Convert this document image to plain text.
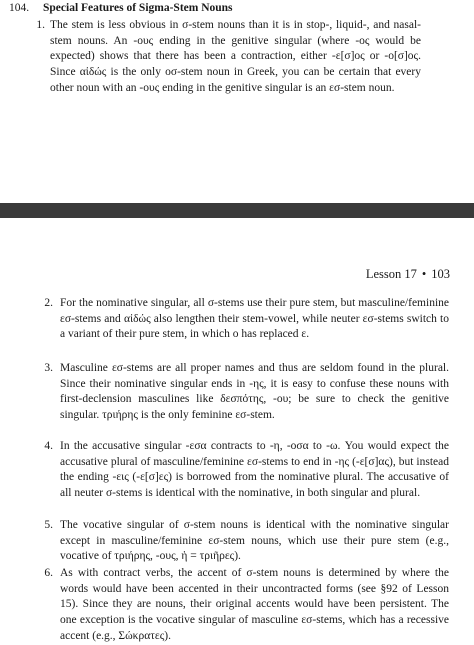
104. Special Features of Sigma-Stem Nouns
1. The stem is less obvious in σ-stem nouns than it is in stop-, liquid-, and nasal-stem nouns. An -ους ending in the genitive singular (where -ος would be expected) shows that there has been a contraction, either -ε[σ]ος or -ο[σ]ος. Since αἰδώς is the only οσ-stem noun in Greek, you can be certain that every other noun with an -ους ending in the genitive singular is an εσ-stem noun.
Lesson 17 • 103
2. For the nominative singular, all σ-stems use their pure stem, but masculine/feminine εσ-stems and αἰδώς also lengthen their stem-vowel, while neuter εσ-stems switch to a variant of their pure stem, in which ο has replaced ε.
3. Masculine εσ-stems are all proper names and thus are seldom found in the plural. Since their nominative singular ends in -ης, it is easy to confuse these nouns with first-declension masculines like δεσπότης, -ου; be sure to check the genitive singular. τριήρης is the only feminine εσ-stem.
4. In the accusative singular -εσα contracts to -η, -οσα to -ω. You would expect the accusative plural of masculine/feminine εσ-stems to end in -ης (-ε[σ]ας), but instead the ending -εις (-ε[σ]ες) is borrowed from the nominative plural. The accusative of all neuter σ-stems is identical with the nominative, in both singular and plural.
5. The vocative singular of σ-stem nouns is identical with the nominative singular except in masculine/feminine εσ-stem nouns, which use their pure stem (e.g., vocative of τριήρης, -ους, ἡ = τριῆρες).
6. As with contract verbs, the accent of σ-stem nouns is determined by where the words would have been accented in their uncontracted forms (see §92 of Lesson 15). Since they are nouns, their original accents would have been persistent. The one exception is the vocative singular of masculine εσ-stems, which has a recessive accent (e.g., Σώκρατες).
